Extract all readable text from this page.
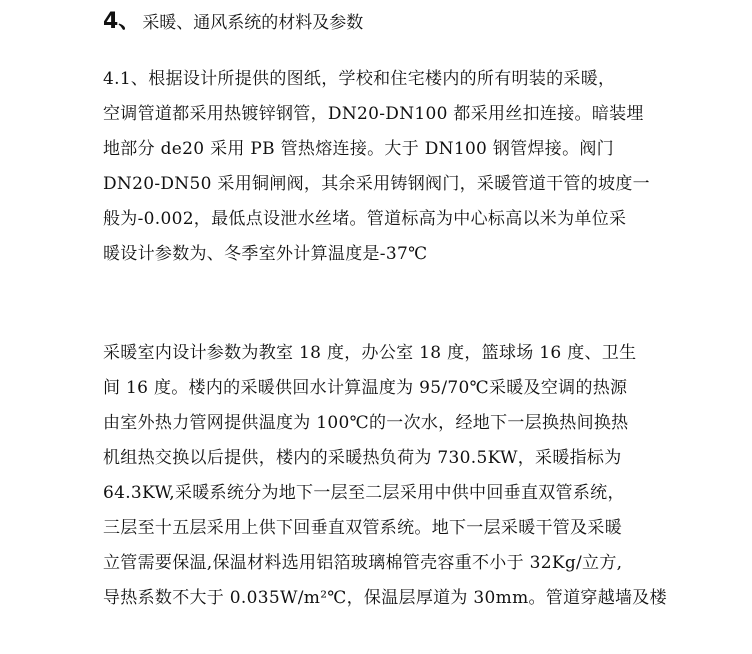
4、 采暖、通风系统的材料及参数
4.1、根据设计所提供的图纸，学校和住宅楼内的所有明装的采暖，
空调管道都采用热镀锌钢管，DN20-DN100 都采用丝扣连接。暗装埋
地部分 de20 采用 PB 管热熔连接。大于 DN100 钢管焊接。阀门
DN20-DN50 采用铜闸阀，其余采用铸钢阀门，采暖管道干管的坡度一
般为-0.002，最低点设泄水丝堵。管道标高为中心标高以米为单位采
暖设计参数为、冬季室外计算温度是-37℃
采暖室内设计参数为教室 18 度，办公室 18 度，篮球场 16 度、卫生
间 16 度。楼内的采暖供回水计算温度为 95/70℃采暖及空调的热源
由室外热力管网提供温度为 100℃的一次水，经地下一层换热间换热
机组热交换以后提供，楼内的采暖热负荷为 730.5KW，采暖指标为
64.3KW,采暖系统分为地下一层至二层采用中供中回垂直双管系统，
三层至十五层采用上供下回垂直双管系统。地下一层采暖干管及采暖
立管需要保温,保温材料选用铝箔玻璃棉管壳容重不小于 32Kg/立方,
导热系数不大于 0.035W/m²℃，保温层厚道为 30mm。管道穿越墙及楼
